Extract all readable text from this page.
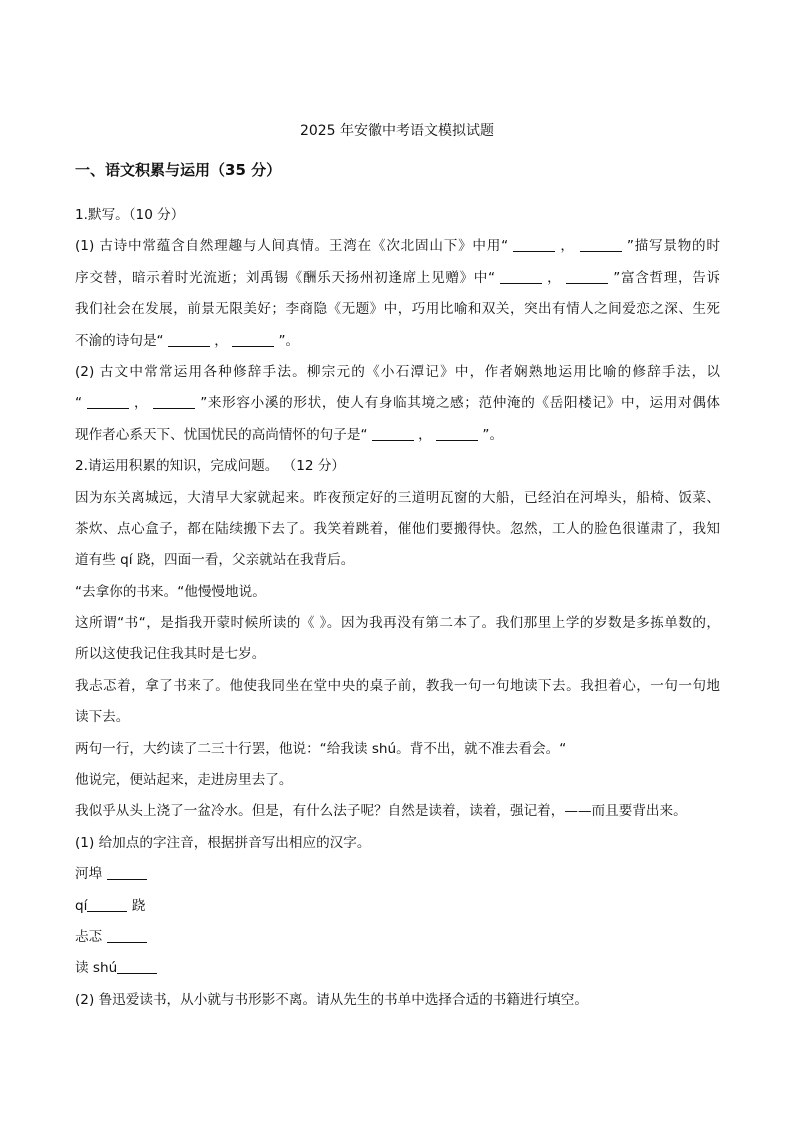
2025 年安徽中考语文模拟试题
一、语文积累与运用（35 分）
1.默写。（10 分）
(1) 古诗中常蕴含自然理趣与人间真情。王湾在《次北固山下》中用“	，	”描写景物的时
序交替，暗示着时光流逝；刘禹锡《酬乐天扬州初逢席上见赠》中“	，	”富含哲理，告诉
我们社会在发展，前景无限美好；李商隐《无题》中，巧用比喻和双关，突出有情人之间爱恋之深、生死
不渝的诗句是“	，	”。
(2) 古文中常常运用各种修辞手法。柳宗元的《小石潭记》中，作者娴熟地运用比喻的修辞手法，以
“	，	”来形容小溪的形状，使人有身临其境之感；范仲淹的《岳阳楼记》中，运用对偶体
现作者心系天下、忧国忧民的高尚情怀的句子是“	，	”。
2.请运用积累的知识，完成问题。 （12 分）
因为东关离城远，大清早大家就起来。昨夜预定好的三道明瓦窗的大船，已经泊在河埠头，船椅、饭菜、
茶炊、点心盒子，都在陆续搬下去了。我笑着跳着，催他们要搬得快。忽然，工人的脸色很谨肃了，我知
道有些 qí 跷，四面一看，父亲就站在我背后。
“去拿你的书来。“他慢慢地说。
这所谓“书“，是指我开蒙时候所读的《 》。因为我再没有第二本了。我们那里上学的岁数是多拣单数的，
所以这使我记住我其时是七岁。
我忐忑着，拿了书来了。他使我同坐在堂中央的桌子前，教我一句一句地读下去。我担着心，一句一句地
读下去。
两句一行，大约读了二三十行罢，他说：“给我读 shú。背不出，就不准去看会。“
他说完，便站起来，走进房里去了。
我似乎从头上浇了一盆冷水。但是，有什么法子呢？自然是读着，读着，强记着，——而且要背出来。
(1) 给加点的字注音，根据拼音写出相应的汉字。
河埠
qí	跷
忐忑
读 shú
(2) 鲁迅爱读书，从小就与书形影不离。请从先生的书单中选择合适的书籍进行填空。
